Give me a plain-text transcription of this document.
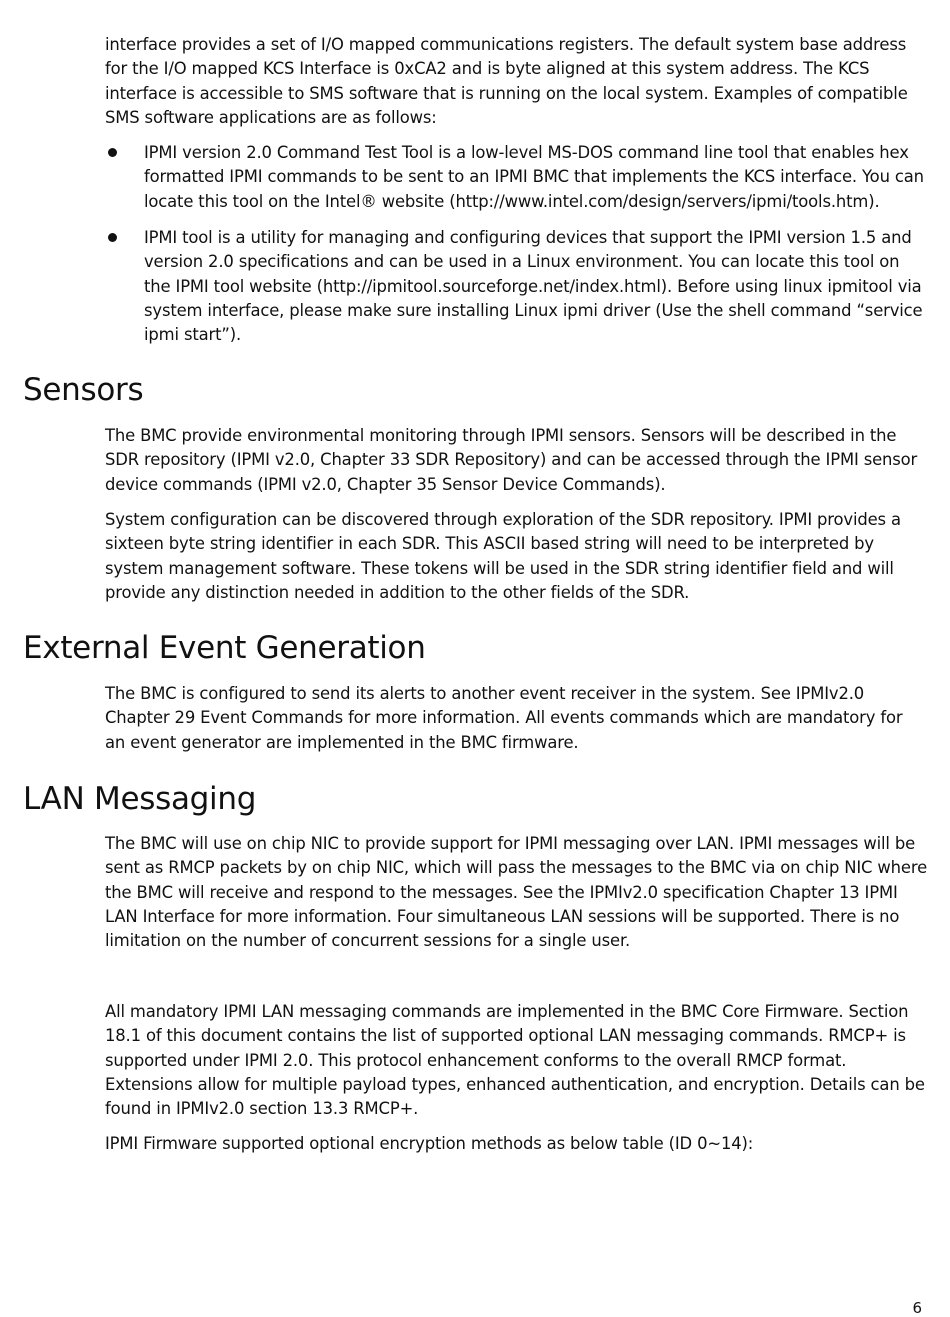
interface provides a set of I/O mapped communications registers. The default system base address for the I/O mapped KCS Interface is 0xCA2 and is byte aligned at this system address. The KCS interface is accessible to SMS software that is running on the local system. Examples of compatible SMS software applications are as follows:

IPMI version 2.0 Command Test Tool is a low-level MS-DOS command line tool that enables hex formatted IPMI commands to be sent to an IPMI BMC that implements the KCS interface. You can locate this tool on the Intel® website (http://www.intel.com/design/servers/ipmi/tools.htm).

IPMI tool is a utility for managing and configuring devices that support the IPMI version 1.5 and version 2.0 specifications and can be used in a Linux environment. You can locate this tool on the IPMI tool website (http://ipmitool.sourceforge.net/index.html). Before using linux ipmitool via system interface, please make sure installing Linux ipmi driver (Use the shell command “service ipmi start”).

Sensors

The BMC provide environmental monitoring through IPMI sensors. Sensors will be described in the SDR repository (IPMI v2.0, Chapter 33 SDR Repository) and can be accessed through the IPMI sensor device commands (IPMI v2.0, Chapter 35 Sensor Device Commands).

System configuration can be discovered through exploration of the SDR repository. IPMI provides a sixteen byte string identifier in each SDR. This ASCII based string will need to be interpreted by system management software. These tokens will be used in the SDR string identifier field and will provide any distinction needed in addition to the other fields of the SDR.

External Event Generation

The BMC is configured to send its alerts to another event receiver in the system. See IPMIv2.0 Chapter 29 Event Commands for more information. All events commands which are mandatory for an event generator are implemented in the BMC firmware.

LAN Messaging

The BMC will use on chip NIC to provide support for IPMI messaging over LAN. IPMI messages will be sent as RMCP packets by on chip NIC, which will pass the messages to the BMC via on chip NIC where the BMC will receive and respond to the messages. See the IPMIv2.0 specification Chapter 13 IPMI LAN Interface for more information. Four simultaneous LAN sessions will be supported. There is no limitation on the number of concurrent sessions for a single user.

All mandatory IPMI LAN messaging commands are implemented in the BMC Core Firmware. Section 18.1 of this document contains the list of supported optional LAN messaging commands. RMCP+ is supported under IPMI 2.0. This protocol enhancement conforms to the overall RMCP format. Extensions allow for multiple payload types, enhanced authentication, and encryption. Details can be found in IPMIv2.0 section 13.3 RMCP+.

IPMI Firmware supported optional encryption methods as below table (ID 0~14):

6
